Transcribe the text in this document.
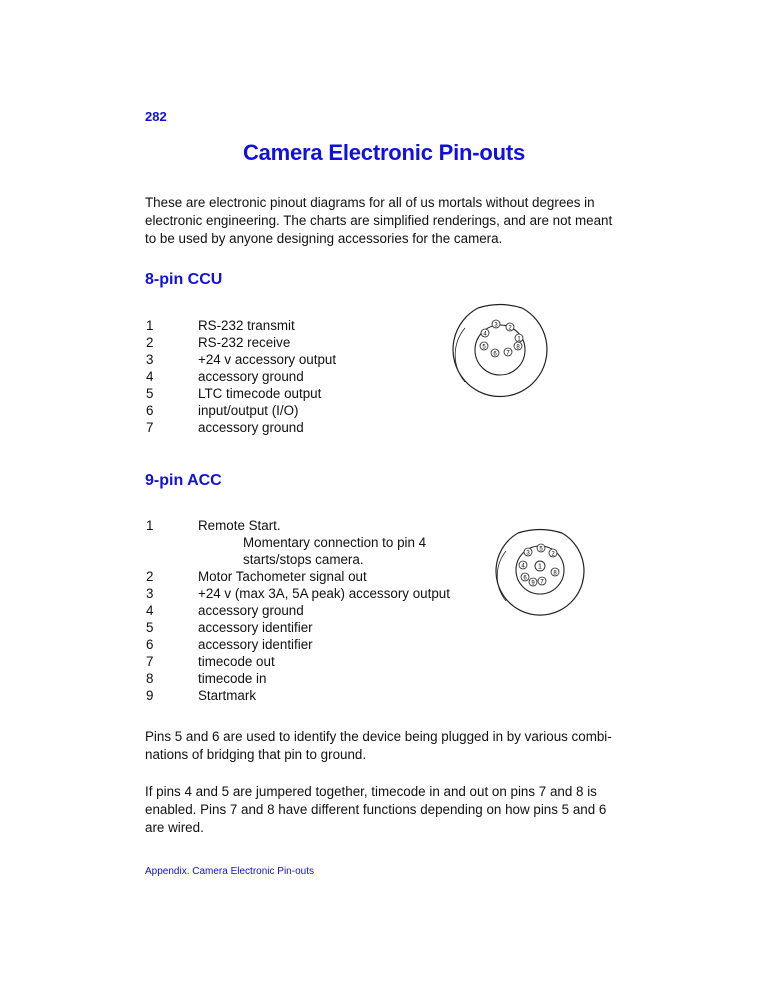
282
Camera Electronic Pin-outs

These are electronic pinout diagrams for all of us mortals without degrees in

electronic engineering. The charts are simplified renderings, and are not meant

to be used by anyone designing accessories for the camera.

8-pin CCU
1	RS-232 transmit
2	RS-232 receive
3	+24 v accessory output
4	accessory ground
5	LTC timecode output
6	input/output (I/O)
7	accessory ground
3 2
1
4
5
6 7
8
9-pin ACC
1	Remote Start.
Momentary connection to pin 4
starts/stops camera.
2	Motor Tachometer signal out
3	+24 v (max 3A, 5A peak) accessory output
4	accessory ground
5	accessory identifier
6	accessory identifier
7	timecode out
8	timecode in
9	Startmark
1
3
5
2
4
6
9 7
8

Pins 5 and 6 are used to identify the device being plugged in by various combi-

nations of bridging that pin to ground.

If pins 4 and 5 are jumpered together, timecode in and out on pins 7 and 8 is

enabled. Pins 7 and 8 have different functions depending on how pins 5 and 6

are wired.

Appendix. Camera Electronic Pin-outs
